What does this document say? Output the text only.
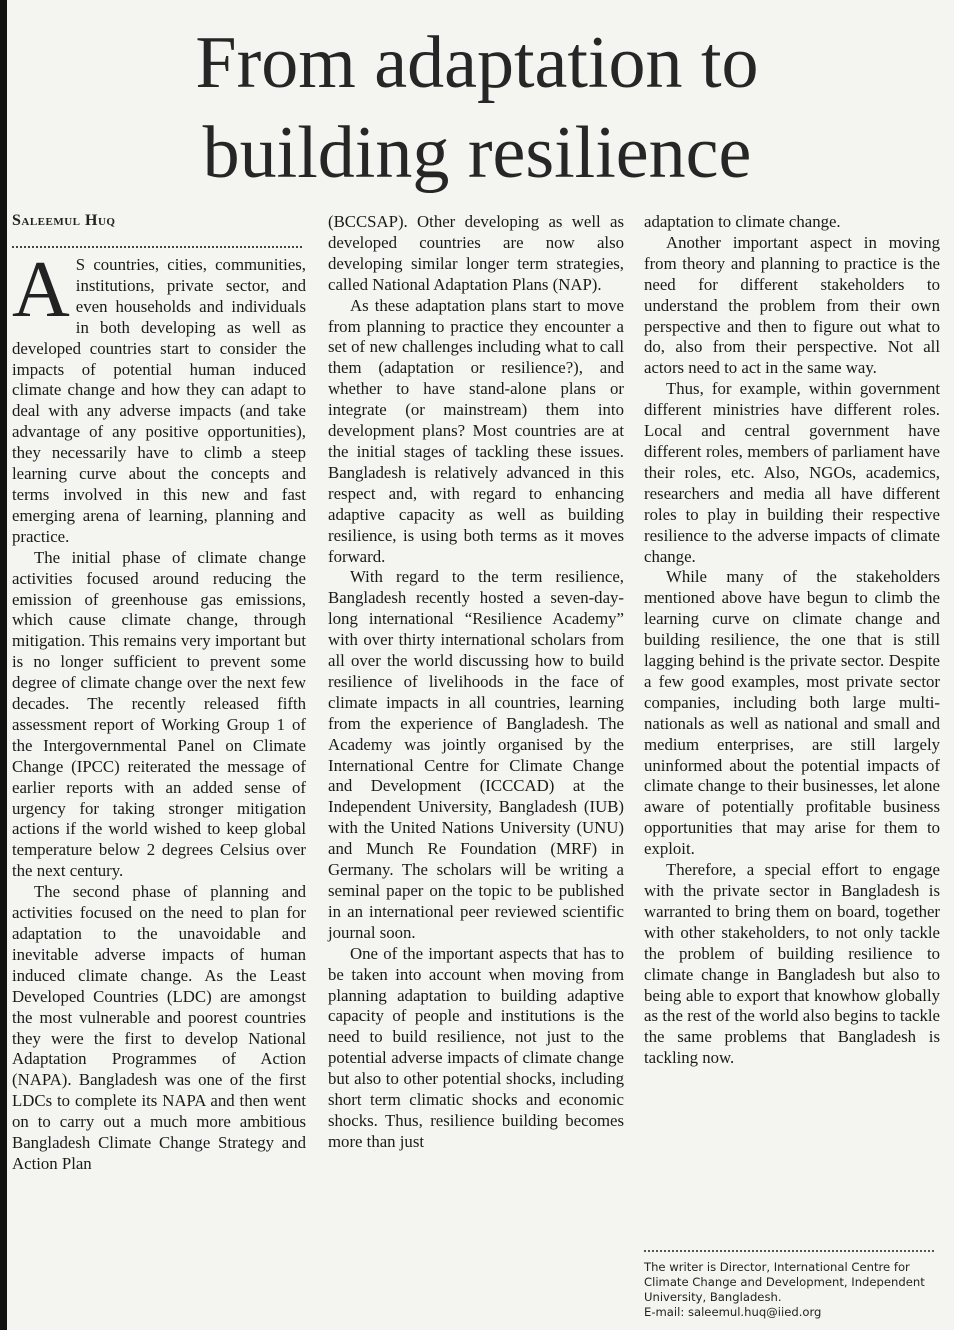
From adaptation to
building resilience
Saleemul Huq

A S countries, cities, communities, institutions, private sector, and even households and individuals in both developing as well as developed countries start to consider the impacts of potential human induced climate change and how they can adapt to deal with any adverse impacts (and take advantage of any positive opportunities), they necessarily have to climb a steep learning curve about the concepts and terms involved in this new and fast emerging arena of learning, planning and practice.

The initial phase of climate change activities focused around reducing the emission of greenhouse gas emissions, which cause climate change, through mitigation. This remains very important but is no longer sufficient to prevent some degree of climate change over the next few decades. The recently released fifth assessment report of Working Group 1 of the Intergovernmental Panel on Climate Change (IPCC) reiterated the message of earlier reports with an added sense of urgency for taking stronger mitigation actions if the world wished to keep global temperature below 2 degrees Celsius over the next century.

The second phase of planning and activities focused on the need to plan for adaptation to the unavoidable and inevitable adverse impacts of human induced climate change. As the Least Developed Countries (LDC) are amongst the most vulnerable and poorest countries they were the first to develop National Adaptation Programmes of Action (NAPA). Bangladesh was one of the first LDCs to complete its NAPA and then went on to carry out a much more ambitious Bangladesh Climate Change Strategy and Action Plan

(BCCSAP). Other developing as well as developed countries are now also developing similar longer term strategies, called National Adaptation Plans (NAP).

As these adaptation plans start to move from planning to practice they encounter a set of new challenges including what to call them (adaptation or resilience?), and whether to have stand-alone plans or integrate (or mainstream) them into development plans? Most countries are at the initial stages of tackling these issues. Bangladesh is relatively advanced in this respect and, with regard to enhancing adaptive capacity as well as building resilience, is using both terms as it moves forward.

With regard to the term resilience, Bangladesh recently hosted a seven-day-long international “Resilience Academy” with over thirty international scholars from all over the world discussing how to build resilience of livelihoods in the face of climate impacts in all countries, learning from the experience of Bangladesh. The Academy was jointly organised by the International Centre for Climate Change and Development (ICCCAD) at the Independent University, Bangladesh (IUB) with the United Nations University (UNU) and Munch Re Foundation (MRF) in Germany. The scholars will be writing a seminal paper on the topic to be published in an international peer reviewed scientific journal soon.

One of the important aspects that has to be taken into account when moving from planning adaptation to building adaptive capacity of people and institutions is the need to build resilience, not just to the potential adverse impacts of climate change but also to other potential shocks, including short term climatic shocks and economic shocks. Thus, resilience building becomes more than just

adaptation to climate change.

Another important aspect in moving from theory and planning to practice is the need for different stakeholders to understand the problem from their own perspective and then to figure out what to do, also from their perspective. Not all actors need to act in the same way.

Thus, for example, within government different ministries have different roles. Local and central government have different roles, members of parliament have their roles, etc. Also, NGOs, academics, researchers and media all have different roles to play in building their respective resilience to the adverse impacts of climate change.

While many of the stakeholders mentioned above have begun to climb the learning curve on climate change and building resilience, the one that is still lagging behind is the private sector. Despite a few good examples, most private sector companies, including both large multi- nationals as well as national and small and medium enterprises, are still largely uninformed about the potential impacts of climate change to their businesses, let alone aware of potentially profitable business opportunities that may arise for them to exploit.

Therefore, a special effort to engage with the private sector in Bangladesh is warranted to bring them on board, together with other stakeholders, to not only tackle the problem of building resilience to climate change in Bangladesh but also to being able to export that knowhow globally as the rest of the world also begins to tackle the same problems that Bangladesh is tackling now.

The writer is Director, International Centre for Climate Change and Development, Independent University, Bangladesh.
E-mail: saleemul.huq@iied.org
